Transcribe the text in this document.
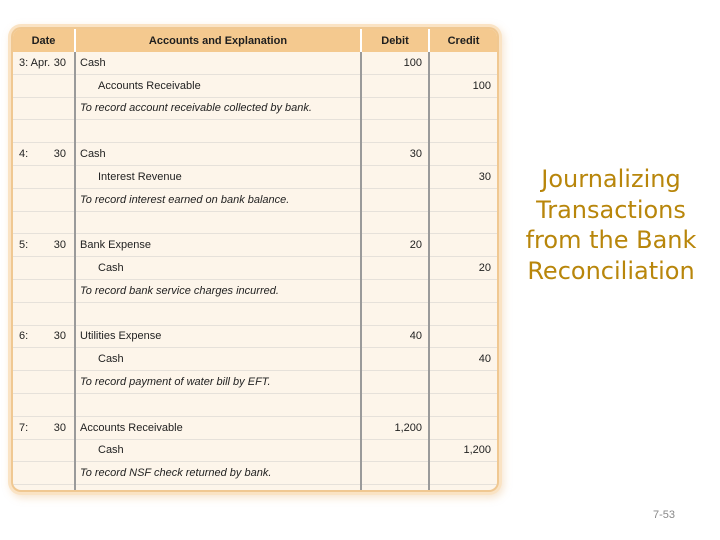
Date	Accounts and Explanation	Debit	Credit
3: Apr. 30	Cash	100	
	Accounts Receivable		100
	To record account receivable collected by bank.		

4: 30	Cash	30	
	Interest Revenue		30
	To record interest earned on bank balance.		

5: 30	Bank Expense	20	
	Cash		20
	To record bank service charges incurred.		

6: 30	Utilities Expense	40	
	Cash		40
	To record payment of water bill by EFT.		

7: 30	Accounts Receivable	1,200	
	Cash		1,200
	To record NSF check returned by bank.		

Journalizing Transactions from the Bank Reconciliation
7-53
